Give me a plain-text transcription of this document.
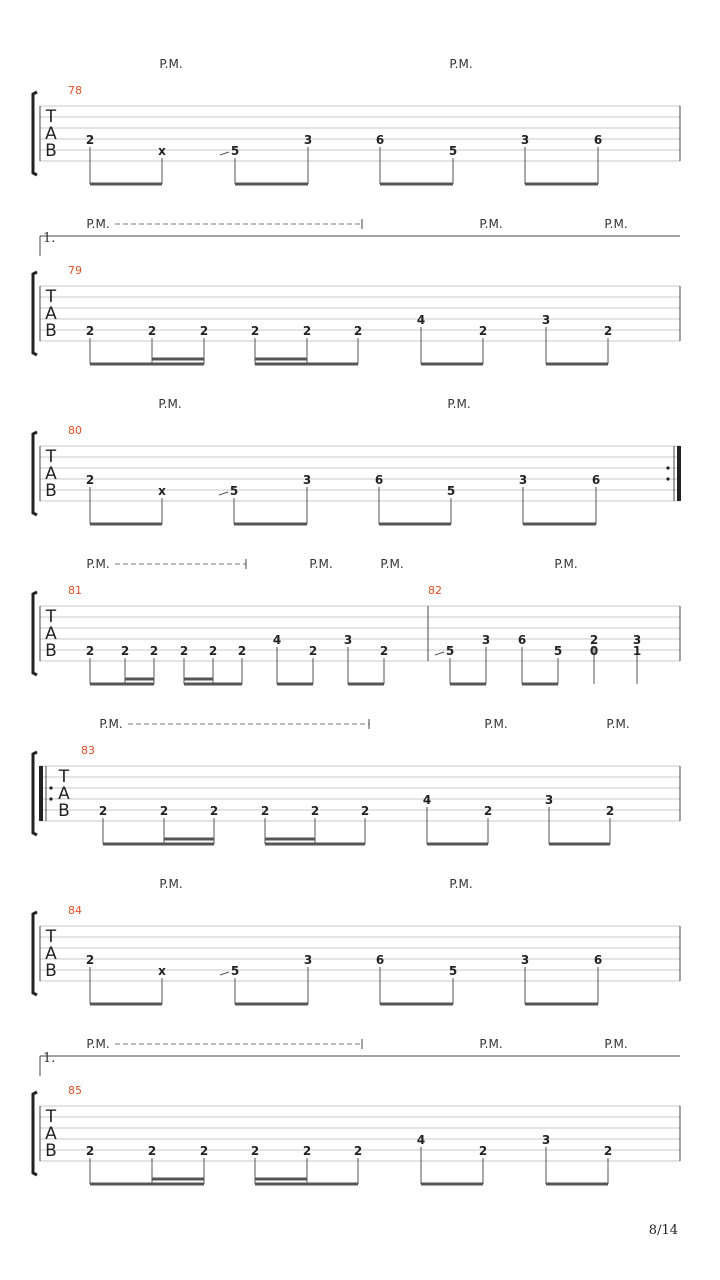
T
A
B
78
P.M.	P.M.
2
x	5
3	6
5
3	6
T
A
B
79
P.M.	P.M.	P.M.
1.
2	2	2	2	2	2
4
2
3
2
T
A
B
80
P.M.	P.M.
2
x	5
3	6
5
3	6
T
A
B
81	82
P.M.	P.M.	P.M.	P.M.
2 2 2 2 2 2
4
2
3
2	5
3 6
5
2
0
3
1
T
A
B
83
P.M.	P.M.	P.M.
2	2	2	2	2	2
4
2
3
2
T
A
B
84
P.M.	P.M.
2
x	5
3	6
5
3	6
T
A
B
85
P.M.	P.M.	P.M.
1.
2	2	2	2	2	2
4
2
3
2
8/14
